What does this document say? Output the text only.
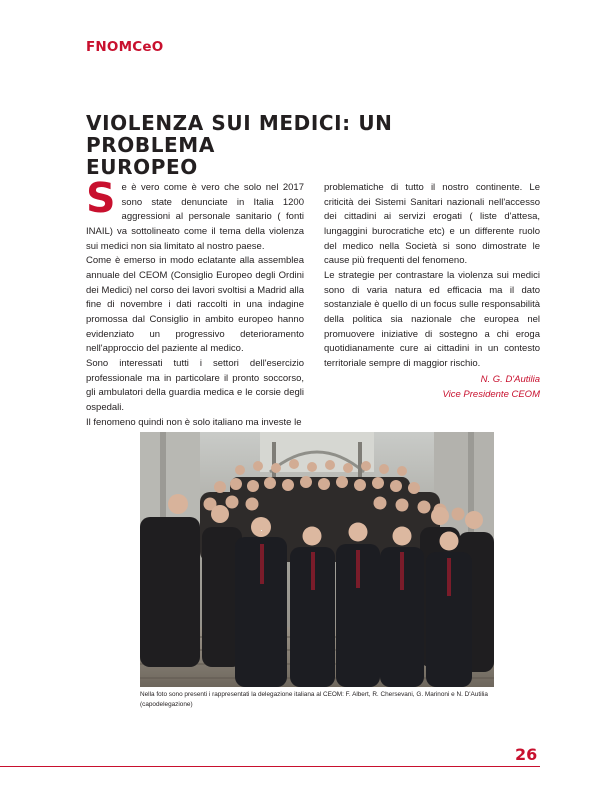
FNOMCeO
VIOLENZA SUI MEDICI: UN PROBLEMA
EUROPEO

Se è vero come è vero che solo nel 2017 sono state denunciate in Italia 1200 aggressioni al personale sanitario ( fonti INAIL) va sottolineato come il tema della violenza sui medici non sia limitato al nostro paese.

Come è emerso in modo eclatante alla assemblea annuale del CEOM (Consiglio Europeo degli Ordini dei Medici) nel corso dei lavori svoltisi a Madrid alla fine di novembre i dati raccolti in una indagine promossa dal Consiglio in ambito europeo hanno evidenziato un progressivo deterioramento nell'approccio del paziente al medico.

Sono interessati tutti i settori dell'esercizio professionale ma in particolare il pronto soccorso, gli ambulatori della guardia medica e le corsie degli ospedali.

Il fenomeno quindi non è solo italiano ma investe le

problematiche di tutto il nostro continente. Le criticità dei Sistemi Sanitari nazionali nell'accesso dei cittadini ai servizi erogati ( liste d'attesa, lungaggini burocratiche etc) e un differente ruolo del medico nella Società si sono dimostrate le cause più frequenti del fenomeno.

Le strategie per contrastare la violenza sui medici sono di varia natura ed efficacia ma il dato sostanziale è quello di un focus sulle responsabilità della politica sia nazionale che europea nel promuovere iniziative di sostegno a chi eroga quotidianamente cure ai cittadini in un contesto territoriale sempre di maggior rischio.

N. G. D'Autilia
Vice Presidente CEOM
Nella foto sono presenti i rappresentati la delegazione italiana al CEOM: F. Albert, R. Chersevani, G. Marinoni e N. D'Autilia (capodelegazione)
26
